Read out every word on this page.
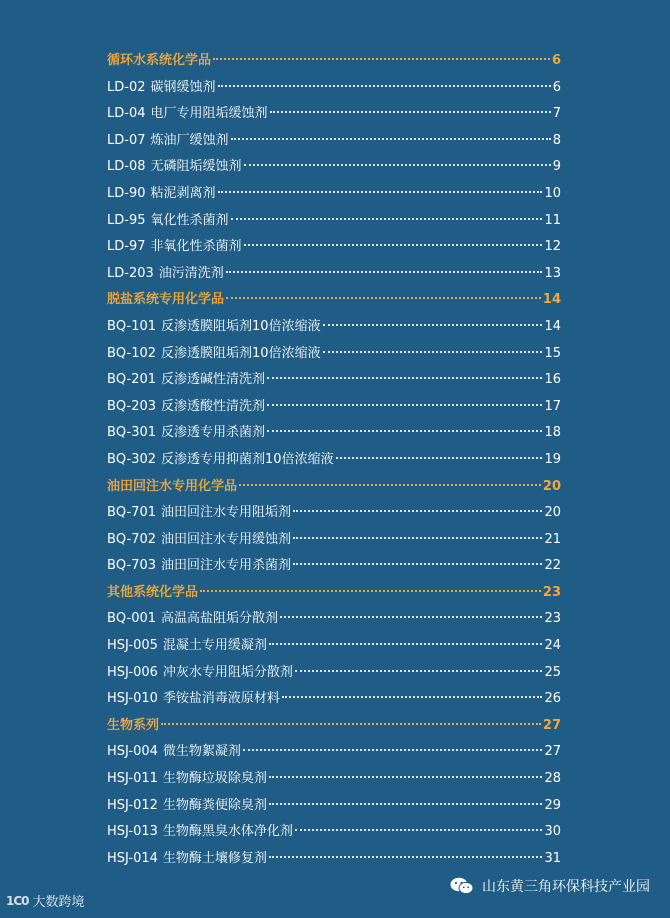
循环水系统化学品	6
LD-02 碳钢缓蚀剂	6
LD-04 电厂专用阻垢缓蚀剂	7
LD-07 炼油厂缓蚀剂	8
LD-08 无磷阻垢缓蚀剂	9
LD-90 粘泥剥离剂	10
LD-95 氧化性杀菌剂	11
LD-97 非氧化性杀菌剂	12
LD-203 油污清洗剂	13
脱盐系统专用化学品	14
BQ-101 反渗透膜阻垢剂10倍浓缩液	14
BQ-102 反渗透膜阻垢剂10倍浓缩液	15
BQ-201 反渗透碱性清洗剂	16
BQ-203 反渗透酸性清洗剂	17
BQ-301 反渗透专用杀菌剂	18
BQ-302 反渗透专用抑菌剂10倍浓缩液	19
油田回注水专用化学品	20
BQ-701 油田回注水专用阻垢剂	20
BQ-702 油田回注水专用缓蚀剂	21
BQ-703 油田回注水专用杀菌剂	22
其他系统化学品	23
BQ-001 高温高盐阻垢分散剂	23
HSJ-005 混凝土专用缓凝剂	24
HSJ-006 冲灰水专用阻垢分散剂	25
HSJ-010 季铵盐消毒液原材料	26
生物系列	27
HSJ-004 微生物絮凝剂	27
HSJ-011 生物酶垃圾除臭剂	28
HSJ-012 生物酶粪便除臭剂	29
HSJ-013 生物酶黑臭水体净化剂	30
HSJ-014 生物酶土壤修复剂	31
1C0 大数跨境
山东黄三角环保科技产业园
